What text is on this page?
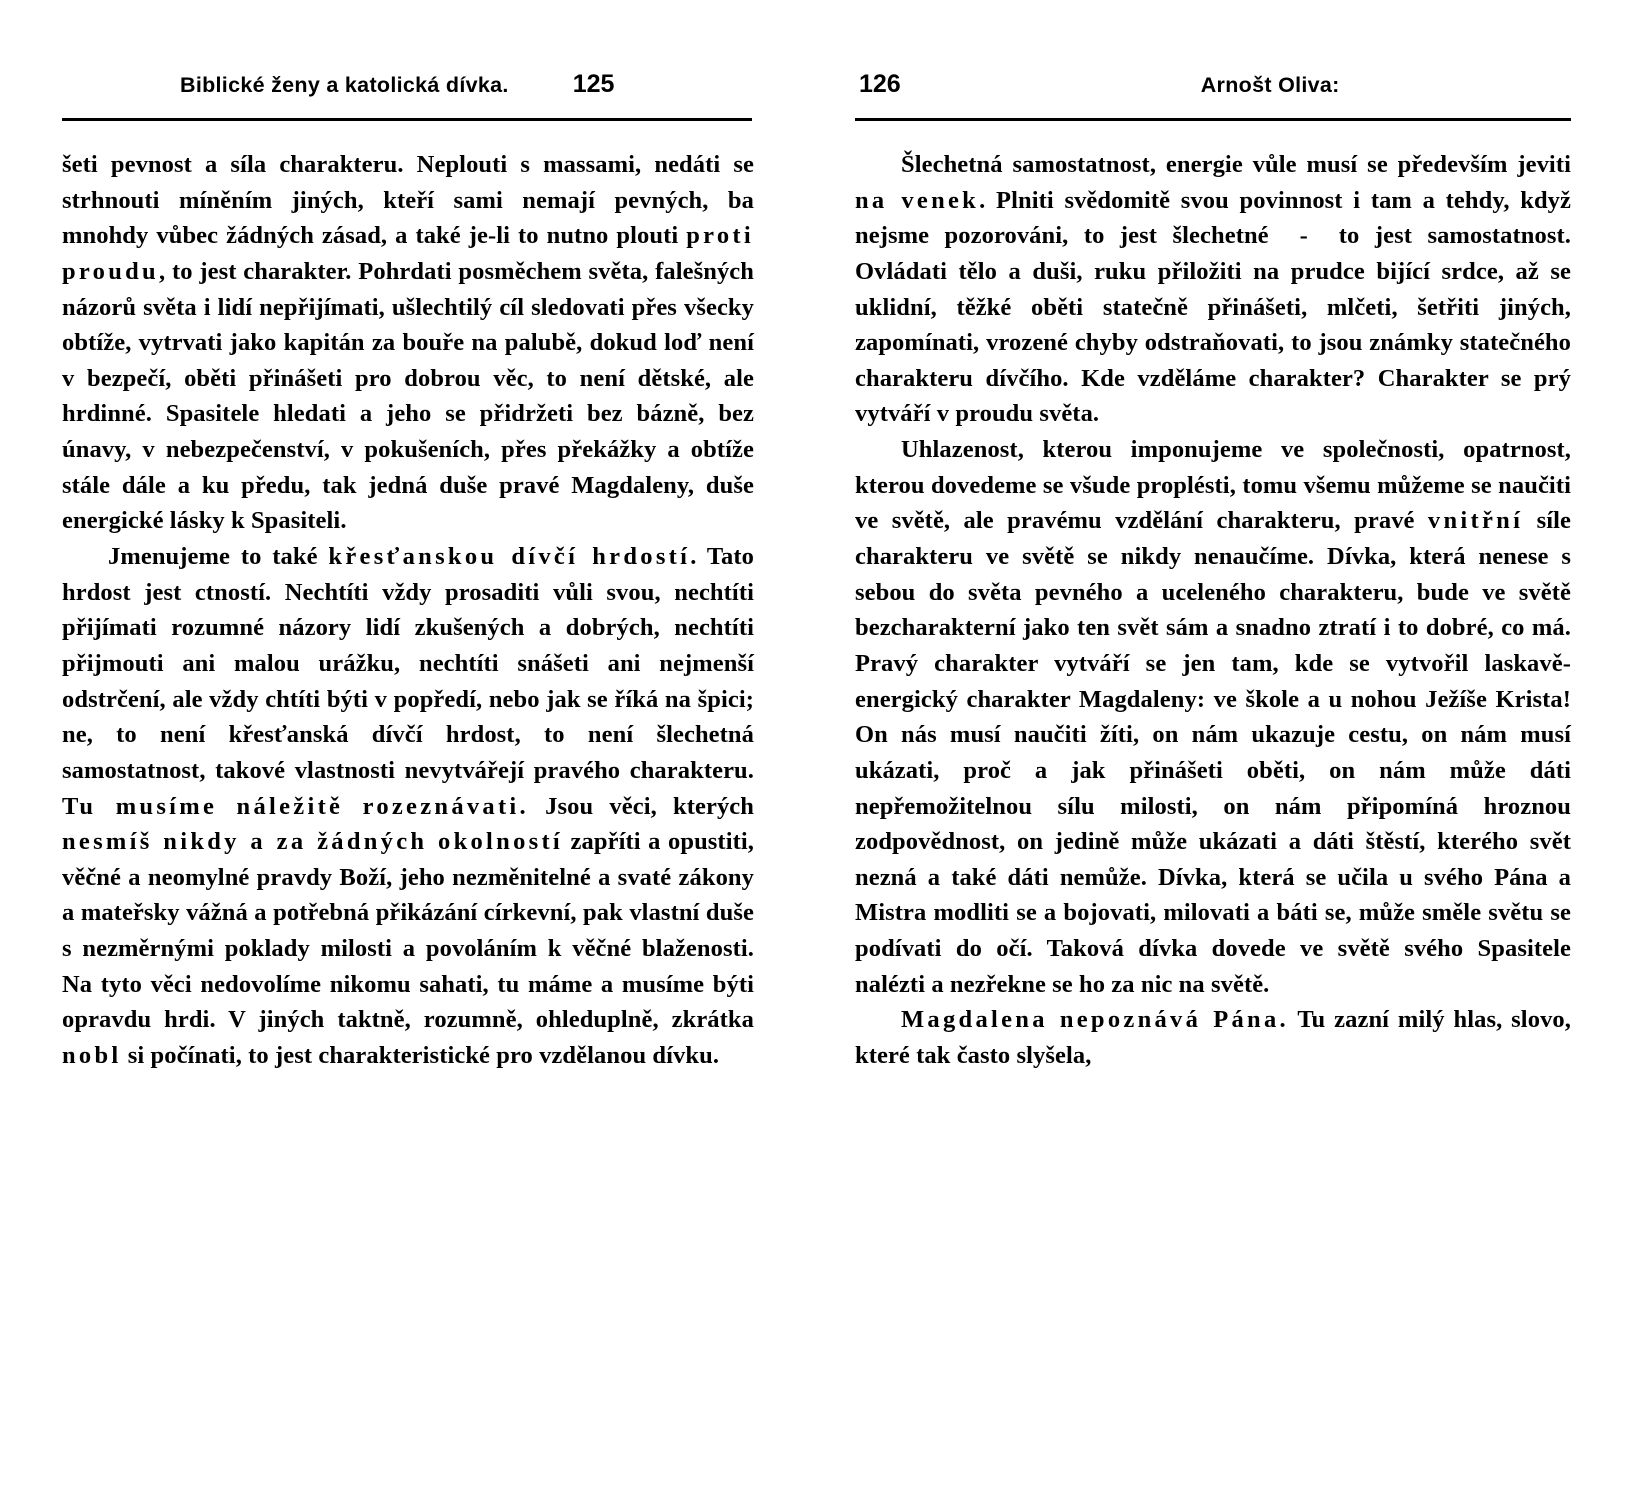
Biblické ženy a katolická dívka.	125

šeti pevnost a síla charakteru. Neplouti s massami, nedáti se strhnouti míněním jiných, kteří sami nemají pevných, ba mnohdy vůbec žádných zásad, a také je-li to nutno plouti proti proudu, to jest charakter. Pohrdati posměchem světa, falešných názorů světa i lidí nepřijímati, ušlechtilý cíl sledovati přes všecky obtíže, vytrvati jako kapitán za bouře na palubě, dokud loď není v bezpečí, oběti přinášeti pro dobrou věc, to není dětské, ale hrdinné. Spasitele hledati a jeho se přidržeti bez bázně, bez únavy, v nebezpečenství, v pokušeních, přes překážky a obtíže stále dále a ku předu, tak jedná duše pravé Magdaleny, duše energické lásky k Spasiteli.

Jmenujeme to také křesťanskou dívčí hrdostí. Tato hrdost jest ctností. Nechtíti vždy prosaditi vůli svou, nechtíti přijímati rozumné názory lidí zkušených a dobrých, nechtíti přijmouti ani malou urážku, nechtíti snášeti ani nejmenší odstrčení, ale vždy chtíti býti v popředí, nebo jak se říká na špici; ne, to není křesťanská dívčí hrdost, to není šlechetná samostatnost, takové vlastnosti nevytvářejí pravého charakteru. Tu musíme náležitě rozeznávati. Jsou věci, kterých nesmíš nikdy a za žádných okolností zapříti a opustiti, věčné a neomylné pravdy Boží, jeho nezměnitelné a svaté zákony a mateřsky vážná a potřebná přikázání církevní, pak vlastní duše s nezměrnými poklady milosti a povoláním k věčné blaženosti. Na tyto věci nedovolíme nikomu sahati, tu máme a musíme býti opravdu hrdi. V jiných taktně, rozumně, ohleduplně, zkrátka nobl si počínati, to jest charakteristické pro vzdělanou dívku.

126	Arnošt Oliva:

Šlechetná samostatnost, energie vůle musí se především jeviti na venek. Plniti svědomitě svou povinnost i tam a tehdy, když nejsme pozorováni, to jest šlechetné  -  to jest samostatnost. Ovládati tělo a duši, ruku přiložiti na prudce bijící srdce, až se uklidní, těžké oběti statečně přinášeti, mlčeti, šetřiti jiných, zapomínati, vrozené chyby odstraňovati, to jsou známky statečného charakteru dívčího. Kde vzděláme charakter? Charakter se prý vytváří v proudu světa.

Uhlazenost, kterou imponujeme ve společnosti, opatrnost, kterou dovedeme se všude proplésti, tomu všemu můžeme se naučiti ve světě, ale pravému vzdělání charakteru, pravé vnitřní síle charakteru ve světě se nikdy nenaučíme. Dívka, která nenese s sebou do světa pevného a uceleného charakteru, bude ve světě bezcharakterní jako ten svět sám a snadno ztratí i to dobré, co má. Pravý charakter vytváří se jen tam, kde se vytvořil laskavě-energický charakter Magdaleny: ve škole a u nohou Ježíše Krista! On nás musí naučiti žíti, on nám ukazuje cestu, on nám musí ukázati, proč a jak přinášeti oběti, on nám může dáti nepřemožitelnou sílu milosti, on nám připomíná hroznou zodpovědnost, on jedině může ukázati a dáti štěstí, kterého svět nezná a také dáti nemůže. Dívka, která se učila u svého Pána a Mistra modliti se a bojovati, milovati a báti se, může směle světu se podívati do očí. Taková dívka dovede ve světě svého Spasitele nalézti a nezřekne se ho za nic na světě.

Magdalena nepoznává Pána. Tu zazní milý hlas, slovo, které tak často slyšela,
